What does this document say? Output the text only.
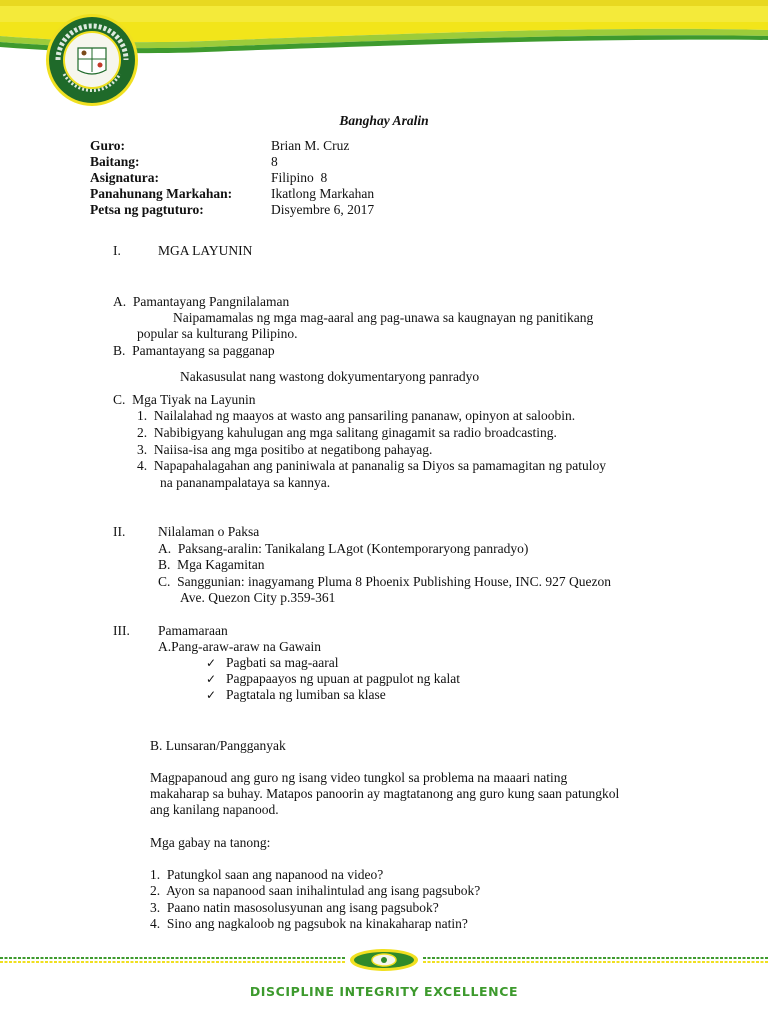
Banghay Aralin
Guro:	Brian M. Cruz
Baitang:	8
Asignatura:	Filipino  8
Panahunang Markahan:	Ikatlong Markahan
Petsa ng pagtuturo:	Disyembre 6, 2017
I.	MGA LAYUNIN
A.  Pamantayang Pangnilalaman
Naipamamalas ng mga mag-aaral ang pag-unawa sa kaugnayan ng panitikang
popular sa kulturang Pilipino.
B.  Pamantayang sa pagganap
Nakasusulat nang wastong dokyumentaryong panradyo
C.  Mga Tiyak na Layunin
1.  Nailalahad ng maayos at wasto ang pansariling pananaw, opinyon at saloobin.
2.  Nabibigyang kahulugan ang mga salitang ginagamit sa radio broadcasting.
3.  Naiisa-isa ang mga positibo at negatibong pahayag.
4.  Napapahalagahan ang paniniwala at pananalig sa Diyos sa pamamagitan ng patuloy
na pananampalataya sa kannya.
II. Nilalaman o Paksa
A.  Paksang-aralin: Tanikalang LAgot (Kontemporaryong panradyo)
B.  Mga Kagamitan
C.  Sanggunian: inagyamang Pluma 8 Phoenix Publishing House, INC. 927 Quezon
Ave. Quezon City p.359-361
III. Pamamaraan
A.Pang-araw-araw na Gawain
✓ Pagbati sa mag-aaral
✓ Pagpapaayos ng upuan at pagpulot ng kalat
✓ Pagtatala ng lumiban sa klase
B. Lunsaran/Pangganyak
Magpapanoud ang guro ng isang video tungkol sa problema na maaari nating
makaharap sa buhay. Matapos panoorin ay magtatanong ang guro kung saan patungkol
ang kanilang napanood.
Mga gabay na tanong:
1.  Patungkol saan ang napanood na video?
2.  Ayon sa napanood saan inihalintulad ang isang pagsubok?
3.  Paano natin masosolusyunan ang isang pagsubok?
4.  Sino ang nagkaloob ng pagsubok na kinakaharap natin?
DISCIPLINE INTEGRITY EXCELLENCE
